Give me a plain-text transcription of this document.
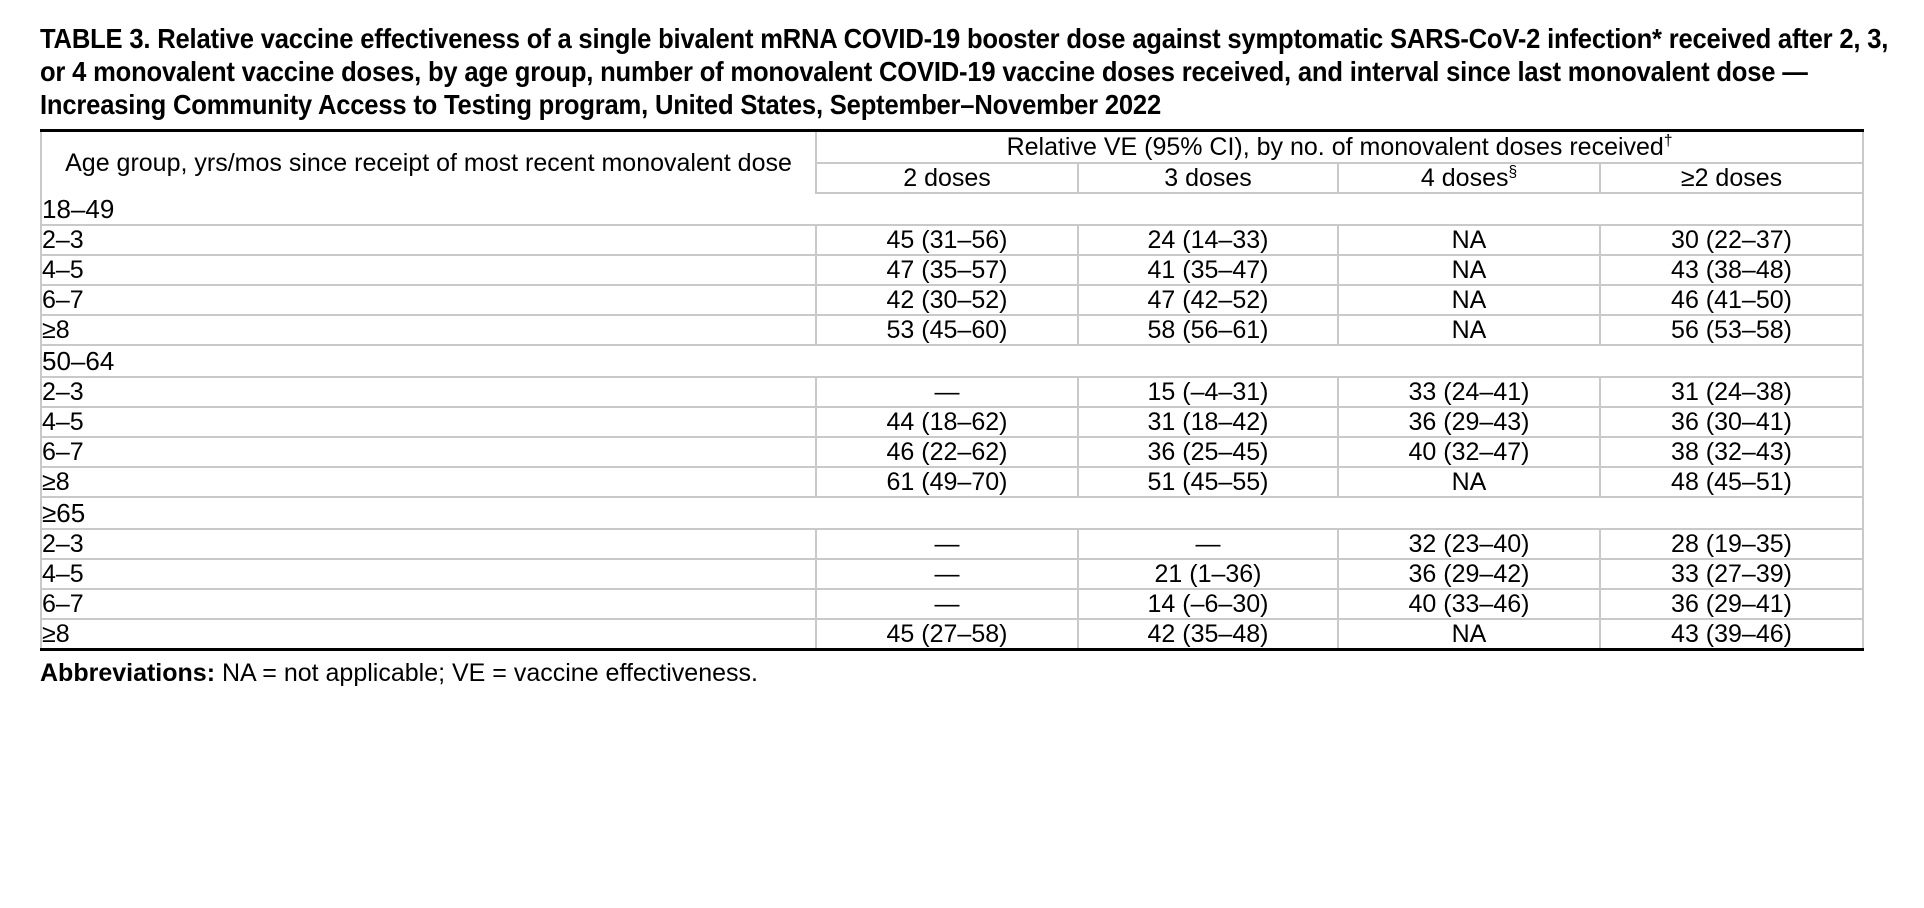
TABLE 3. Relative vaccine effectiveness of a single bivalent mRNA COVID-19 booster dose against symptomatic SARS-CoV-2 infection* received after 2, 3, or 4 monovalent vaccine doses, by age group, number of monovalent COVID-19 vaccine doses received, and interval since last monovalent dose — Increasing Community Access to Testing program, United States, September–November 2022
Age group, yrs/mos since receipt of most recent monovalent dose	Relative VE (95% CI), by no. of monovalent doses received†
	2 doses	3 doses	4 doses§	≥2 doses
18–49				
2–3	45 (31–56)	24 (14–33)	NA	30 (22–37)
4–5	47 (35–57)	41 (35–47)	NA	43 (38–48)
6–7	42 (30–52)	47 (42–52)	NA	46 (41–50)
≥8	53 (45–60)	58 (56–61)	NA	56 (53–58)
50–64				
2–3	—	15 (–4–31)	33 (24–41)	31 (24–38)
4–5	44 (18–62)	31 (18–42)	36 (29–43)	36 (30–41)
6–7	46 (22–62)	36 (25–45)	40 (32–47)	38 (32–43)
≥8	61 (49–70)	51 (45–55)	NA	48 (45–51)
≥65				
2–3	—	—	32 (23–40)	28 (19–35)
4–5	—	21 (1–36)	36 (29–42)	33 (27–39)
6–7	—	14 (–6–30)	40 (33–46)	36 (29–41)
≥8	45 (27–58)	42 (35–48)	NA	43 (39–46)
Abbreviations: NA = not applicable; VE = vaccine effectiveness.
